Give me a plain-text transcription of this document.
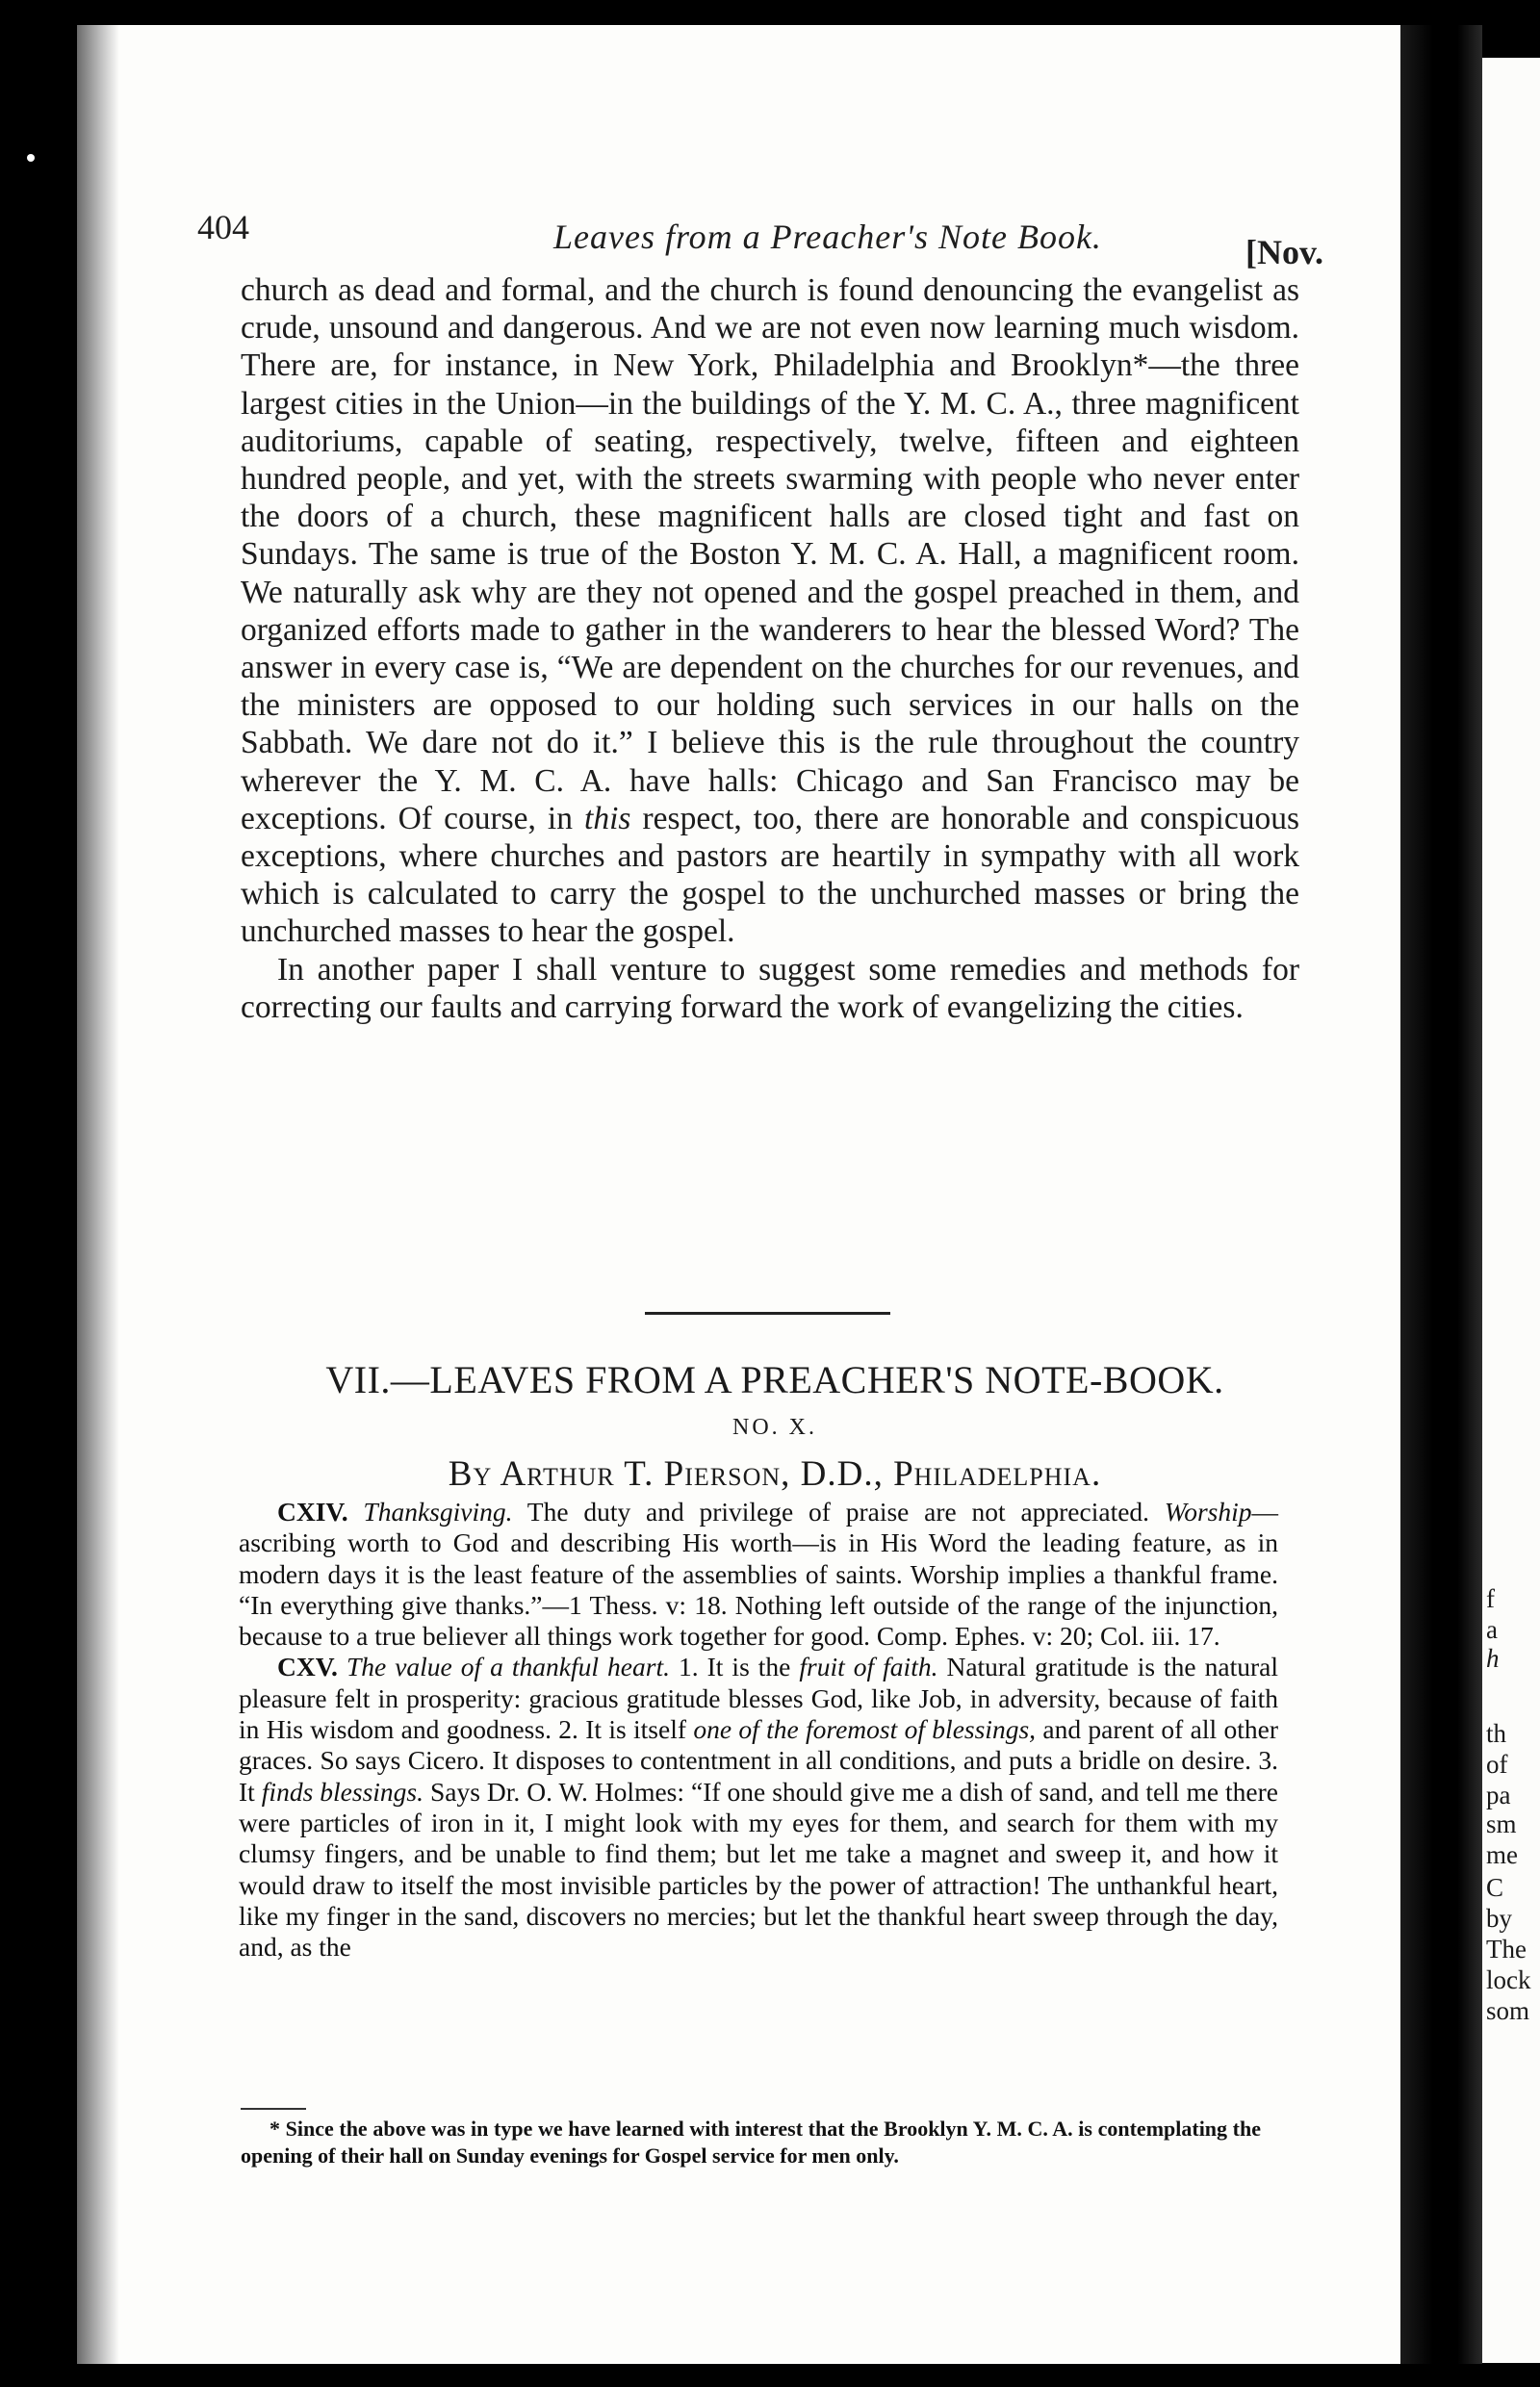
f
a
h
th
of
pa
sm
me
C
by
The
lock
som
404	Leaves from a Preacher's Note Book.	[Nov.

church as dead and formal, and the church is found denouncing the evangelist as crude, unsound and dangerous. And we are not even now learning much wisdom. There are, for instance, in New York, Philadelphia and Brooklyn*—the three largest cities in the Union—in the buildings of the Y. M. C. A., three magnificent auditoriums, capable of seating, respectively, twelve, fifteen and eighteen hundred people, and yet, with the streets swarming with people who never enter the doors of a church, these magnificent halls are closed tight and fast on Sundays. The same is true of the Boston Y. M. C. A. Hall, a magnificent room. We naturally ask why are they not opened and the gospel preached in them, and organized efforts made to gather in the wanderers to hear the blessed Word? The answer in every case is, “We are dependent on the churches for our revenues, and the ministers are opposed to our holding such services in our halls on the Sabbath. We dare not do it.” I believe this is the rule throughout the country wherever the Y. M. C. A. have halls: Chicago and San Francisco may be exceptions. Of course, in this respect, too, there are honorable and conspicuous exceptions, where churches and pastors are heartily in sympathy with all work which is calculated to carry the gospel to the unchurched masses or bring the unchurched masses to hear the gospel.

In another paper I shall venture to suggest some remedies and methods for correcting our faults and carrying forward the work of evangelizing the cities.

VII.—LEAVES FROM A PREACHER'S NOTE-BOOK.
NO. X.
By Arthur T. Pierson, D.D., Philadelphia.

CXIV. Thanksgiving. The duty and privilege of praise are not appreciated. Worship—ascribing worth to God and describing His worth—is in His Word the leading feature, as in modern days it is the least feature of the assemblies of saints. Worship implies a thankful frame. “In everything give thanks.”—1 Thess. v: 18. Nothing left outside of the range of the injunction, because to a true believer all things work together for good. Comp. Ephes. v: 20; Col. iii. 17.

CXV. The value of a thankful heart. 1. It is the fruit of faith. Natural gratitude is the natural pleasure felt in prosperity: gracious gratitude blesses God, like Job, in adversity, because of faith in His wisdom and goodness. 2. It is itself one of the foremost of blessings, and parent of all other graces. So says Cicero. It disposes to contentment in all conditions, and puts a bridle on desire. 3. It finds blessings. Says Dr. O. W. Holmes: “If one should give me a dish of sand, and tell me there were particles of iron in it, I might look with my eyes for them, and search for them with my clumsy fingers, and be unable to find them; but let me take a magnet and sweep it, and how it would draw to itself the most invisible particles by the power of attraction! The unthankful heart, like my finger in the sand, discovers no mercies; but let the thankful heart sweep through the day, and, as the

* Since the above was in type we have learned with interest that the Brooklyn Y. M. C. A. is contemplating the opening of their hall on Sunday evenings for Gospel service for men only.
